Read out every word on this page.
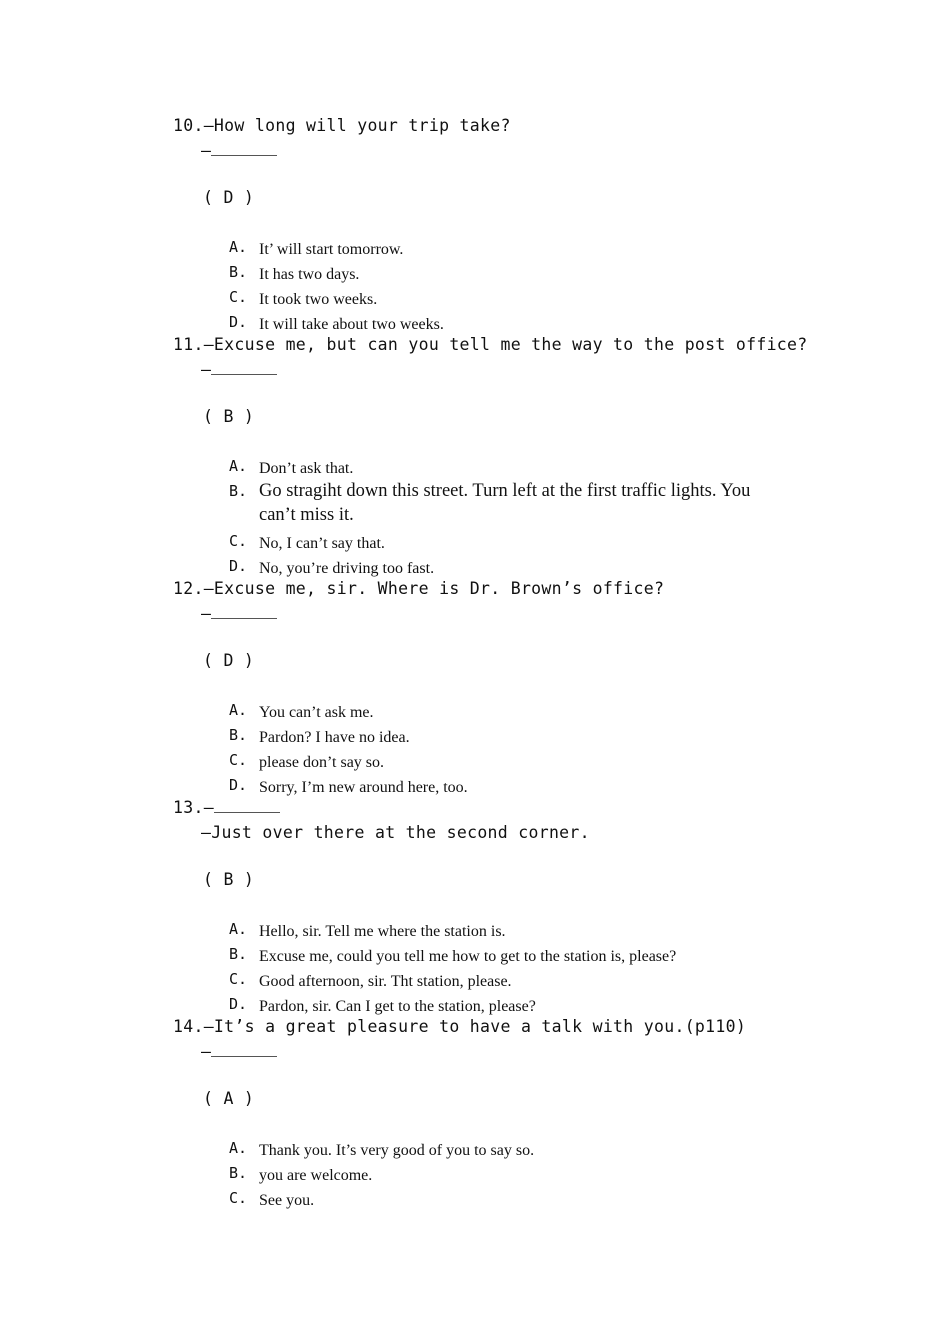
10.—How long will your trip take?
—
( D )
A. It’ will start tomorrow.
B. It has two days.
C. It took two weeks.
D. It will take about two weeks.
11.—Excuse me, but can you tell me the way to the post office?
—
( B )
A. Don’t ask that.
B. Go stragiht down this street. Turn left at the first traffic lights. You can’t miss it.
C. No, I can’t say that.
D. No, you’re driving too fast.
12.—Excuse me, sir. Where is Dr. Brown’s office?
—
( D )
A. You can’t ask me.
B. Pardon? I have no idea.
C. please don’t say so.
D. Sorry, I’m new around here, too.
13.—
—Just over there at the second corner.
( B )
A. Hello, sir. Tell me where the station is.
B. Excuse me, could you tell me how to get to the station is, please?
C. Good afternoon, sir. Tht station, please.
D. Pardon, sir. Can I get to the station, please?
14.—It’s a great pleasure to have a talk with you.(p110)
—
( A )
A. Thank you. It’s very good of you to say so.
B. you are welcome.
C. See you.
